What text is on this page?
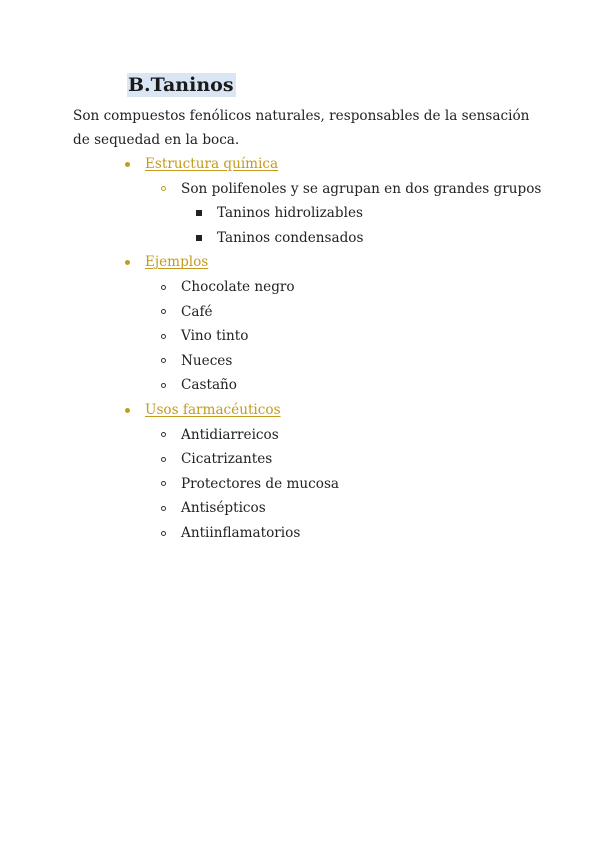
B.Taninos

Son compuestos fenólicos naturales, responsables de la sensación de sequedad en la boca.

Estructura química
Son polifenoles y se agrupan en dos grandes grupos
Taninos hidrolizables
Taninos condensados
Ejemplos
Chocolate negro
Café
Vino tinto
Nueces
Castaño
Usos farmacéuticos
Antidiarreicos
Cicatrizantes
Protectores de mucosa
Antisépticos
Antiinflamatorios
